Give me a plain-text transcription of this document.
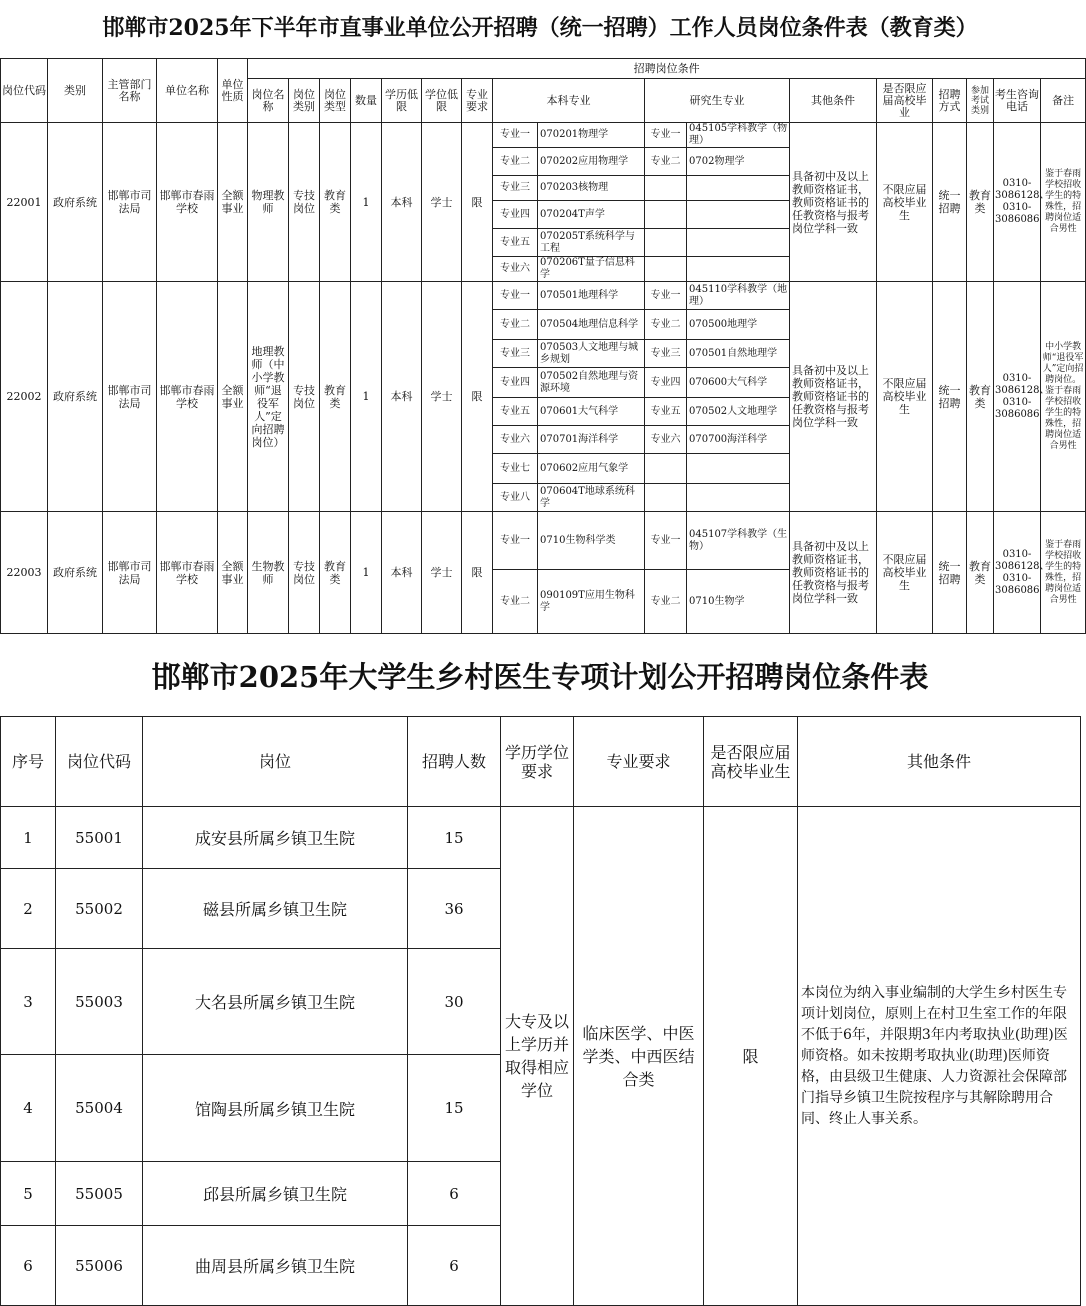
邯郸市2025年下半年市直事业单位公开招聘（统一招聘）工作人员岗位条件表（教育类）
岗位代码	类别	主管部门名称	单位名称	单位性质	招聘岗位条件																
					岗位名称	岗位类别	岗位类型	数量	学历低限	学位低限	专业要求	本科专业		研究生专业		其他条件	是否限应届高校毕业	招聘方式	参加考试类别	考生咨询电话	备注
22001	政府系统	邯郸市司法局	邯郸市春雨学校	全额事业	物理教师	专技岗位	教育类	1	本科	学士	限	专业一	070201物理学	专业一	045105学科教学（物理）	具备初中及以上教师资格证书，教师资格证书的任教资格与报考岗位学科一致	不限应届高校毕业生	统一招聘	教育类	0310-3086128、0310-3086086	鉴于春雨学校招收学生的特殊性，招聘岗位适合男性
												专业二	070202应用物理学	专业二	0702物理学						
												专业三	070203核物理								
												专业四	070204T声学								
												专业五	070205T系统科学与工程								
												专业六	070206T量子信息科学								
22002	政府系统	邯郸市司法局	邯郸市春雨学校	全额事业	地理教师（中小学教师“退役军人”定向招聘岗位）	专技岗位	教育类	1	本科	学士	限	专业一	070501地理科学	专业一	045110学科教学（地理）	具备初中及以上教师资格证书，教师资格证书的任教资格与报考岗位学科一致	不限应届高校毕业生	统一招聘	教育类	0310-3086128、0310-3086086	中小学教师“退役军人”定向招聘岗位。鉴于春雨学校招收学生的特殊性，招聘岗位适合男性
												专业二	070504地理信息科学	专业二	070500地理学						
												专业三	070503人文地理与城乡规划	专业三	070501自然地理学						
												专业四	070502自然地理与资源环境	专业四	070600大气科学						
												专业五	070601大气科学	专业五	070502人文地理学						
												专业六	070701海洋科学	专业六	070700海洋科学						
												专业七	070602应用气象学								
												专业八	070604T地球系统科学								
22003	政府系统	邯郸市司法局	邯郸市春雨学校	全额事业	生物教师	专技岗位	教育类	1	本科	学士	限	专业一	0710生物科学类	专业一	045107学科教学（生物）	具备初中及以上教师资格证书，教师资格证书的任教资格与报考岗位学科一致	不限应届高校毕业生	统一招聘	教育类	0310-3086128、0310-3086086	鉴于春雨学校招收学生的特殊性，招聘岗位适合男性
												专业二	090109T应用生物科学	专业二	0710生物学						
邯郸市2025年大学生乡村医生专项计划公开招聘岗位条件表
序号	岗位代码	岗位	招聘人数	学历学位要求	专业要求	是否限应届高校毕业生	其他条件
1	55001	成安县所属乡镇卫生院	15	大专及以上学历并取得相应学位	临床医学、中医学类、中西医结合类	限	本岗位为纳入事业编制的大学生乡村医生专项计划岗位，原则上在村卫生室工作的年限不低于6年，并限期3年内考取执业(助理)医师资格。如未按期考取执业(助理)医师资格，由县级卫生健康、人力资源社会保障部门指导乡镇卫生院按程序与其解除聘用合同、终止人事关系。
2	55002	磁县所属乡镇卫生院	36				
3	55003	大名县所属乡镇卫生院	30				
4	55004	馆陶县所属乡镇卫生院	15				
5	55005	邱县所属乡镇卫生院	6				
6	55006	曲周县所属乡镇卫生院	6				
